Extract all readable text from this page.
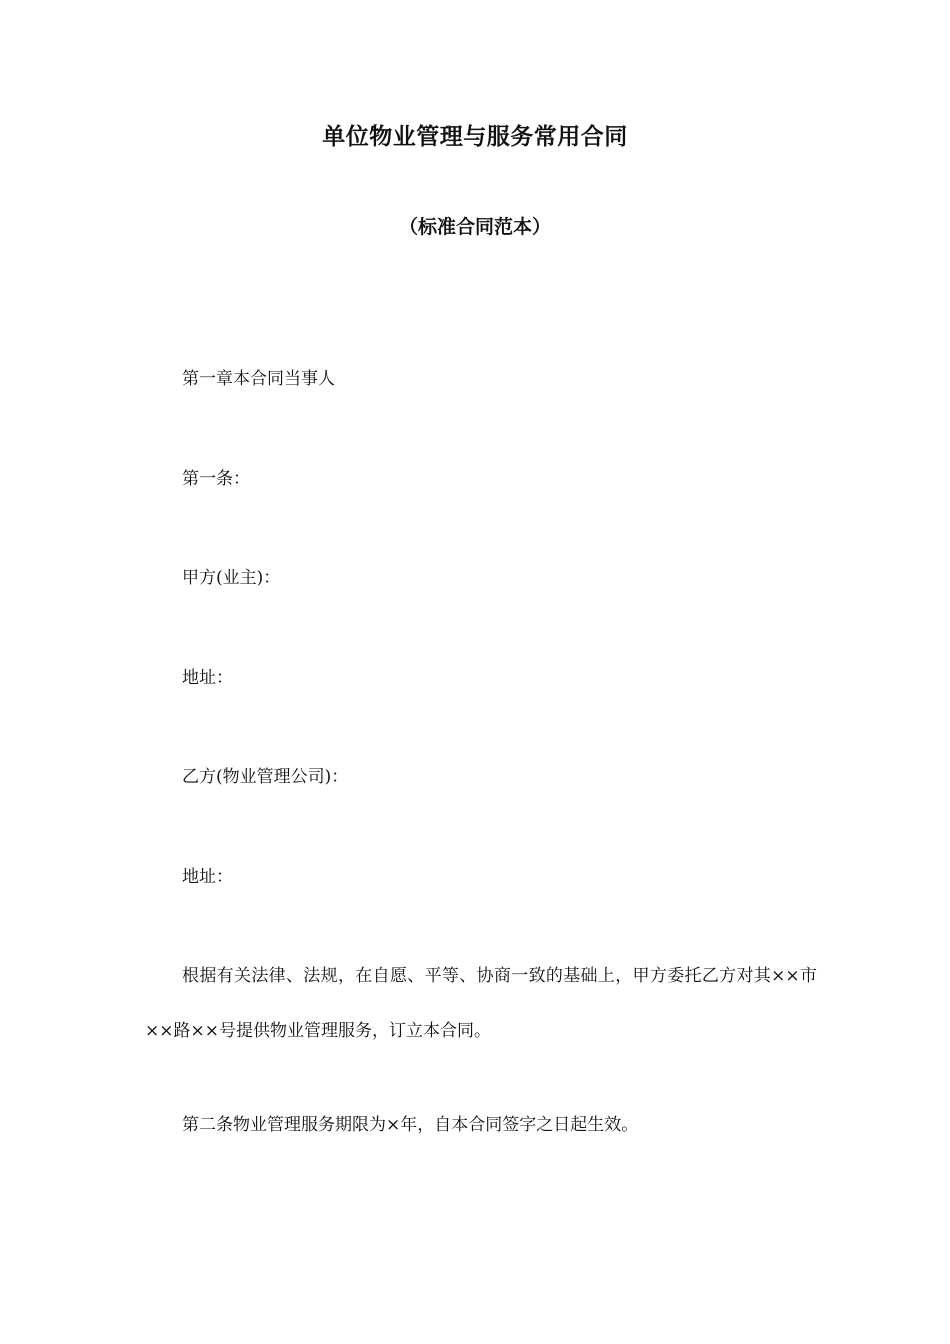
单位物业管理与服务常用合同
（标准合同范本）

第一章本合同当事人

第一条：

甲方(业主)：

地址：

乙方(物业管理公司)：

地址：

根据有关法律、法规，在自愿、平等、协商一致的基础上，甲方委托乙方对其××市××路××号提供物业管理服务，订立本合同。

第二条物业管理服务期限为×年，自本合同签字之日起生效。
